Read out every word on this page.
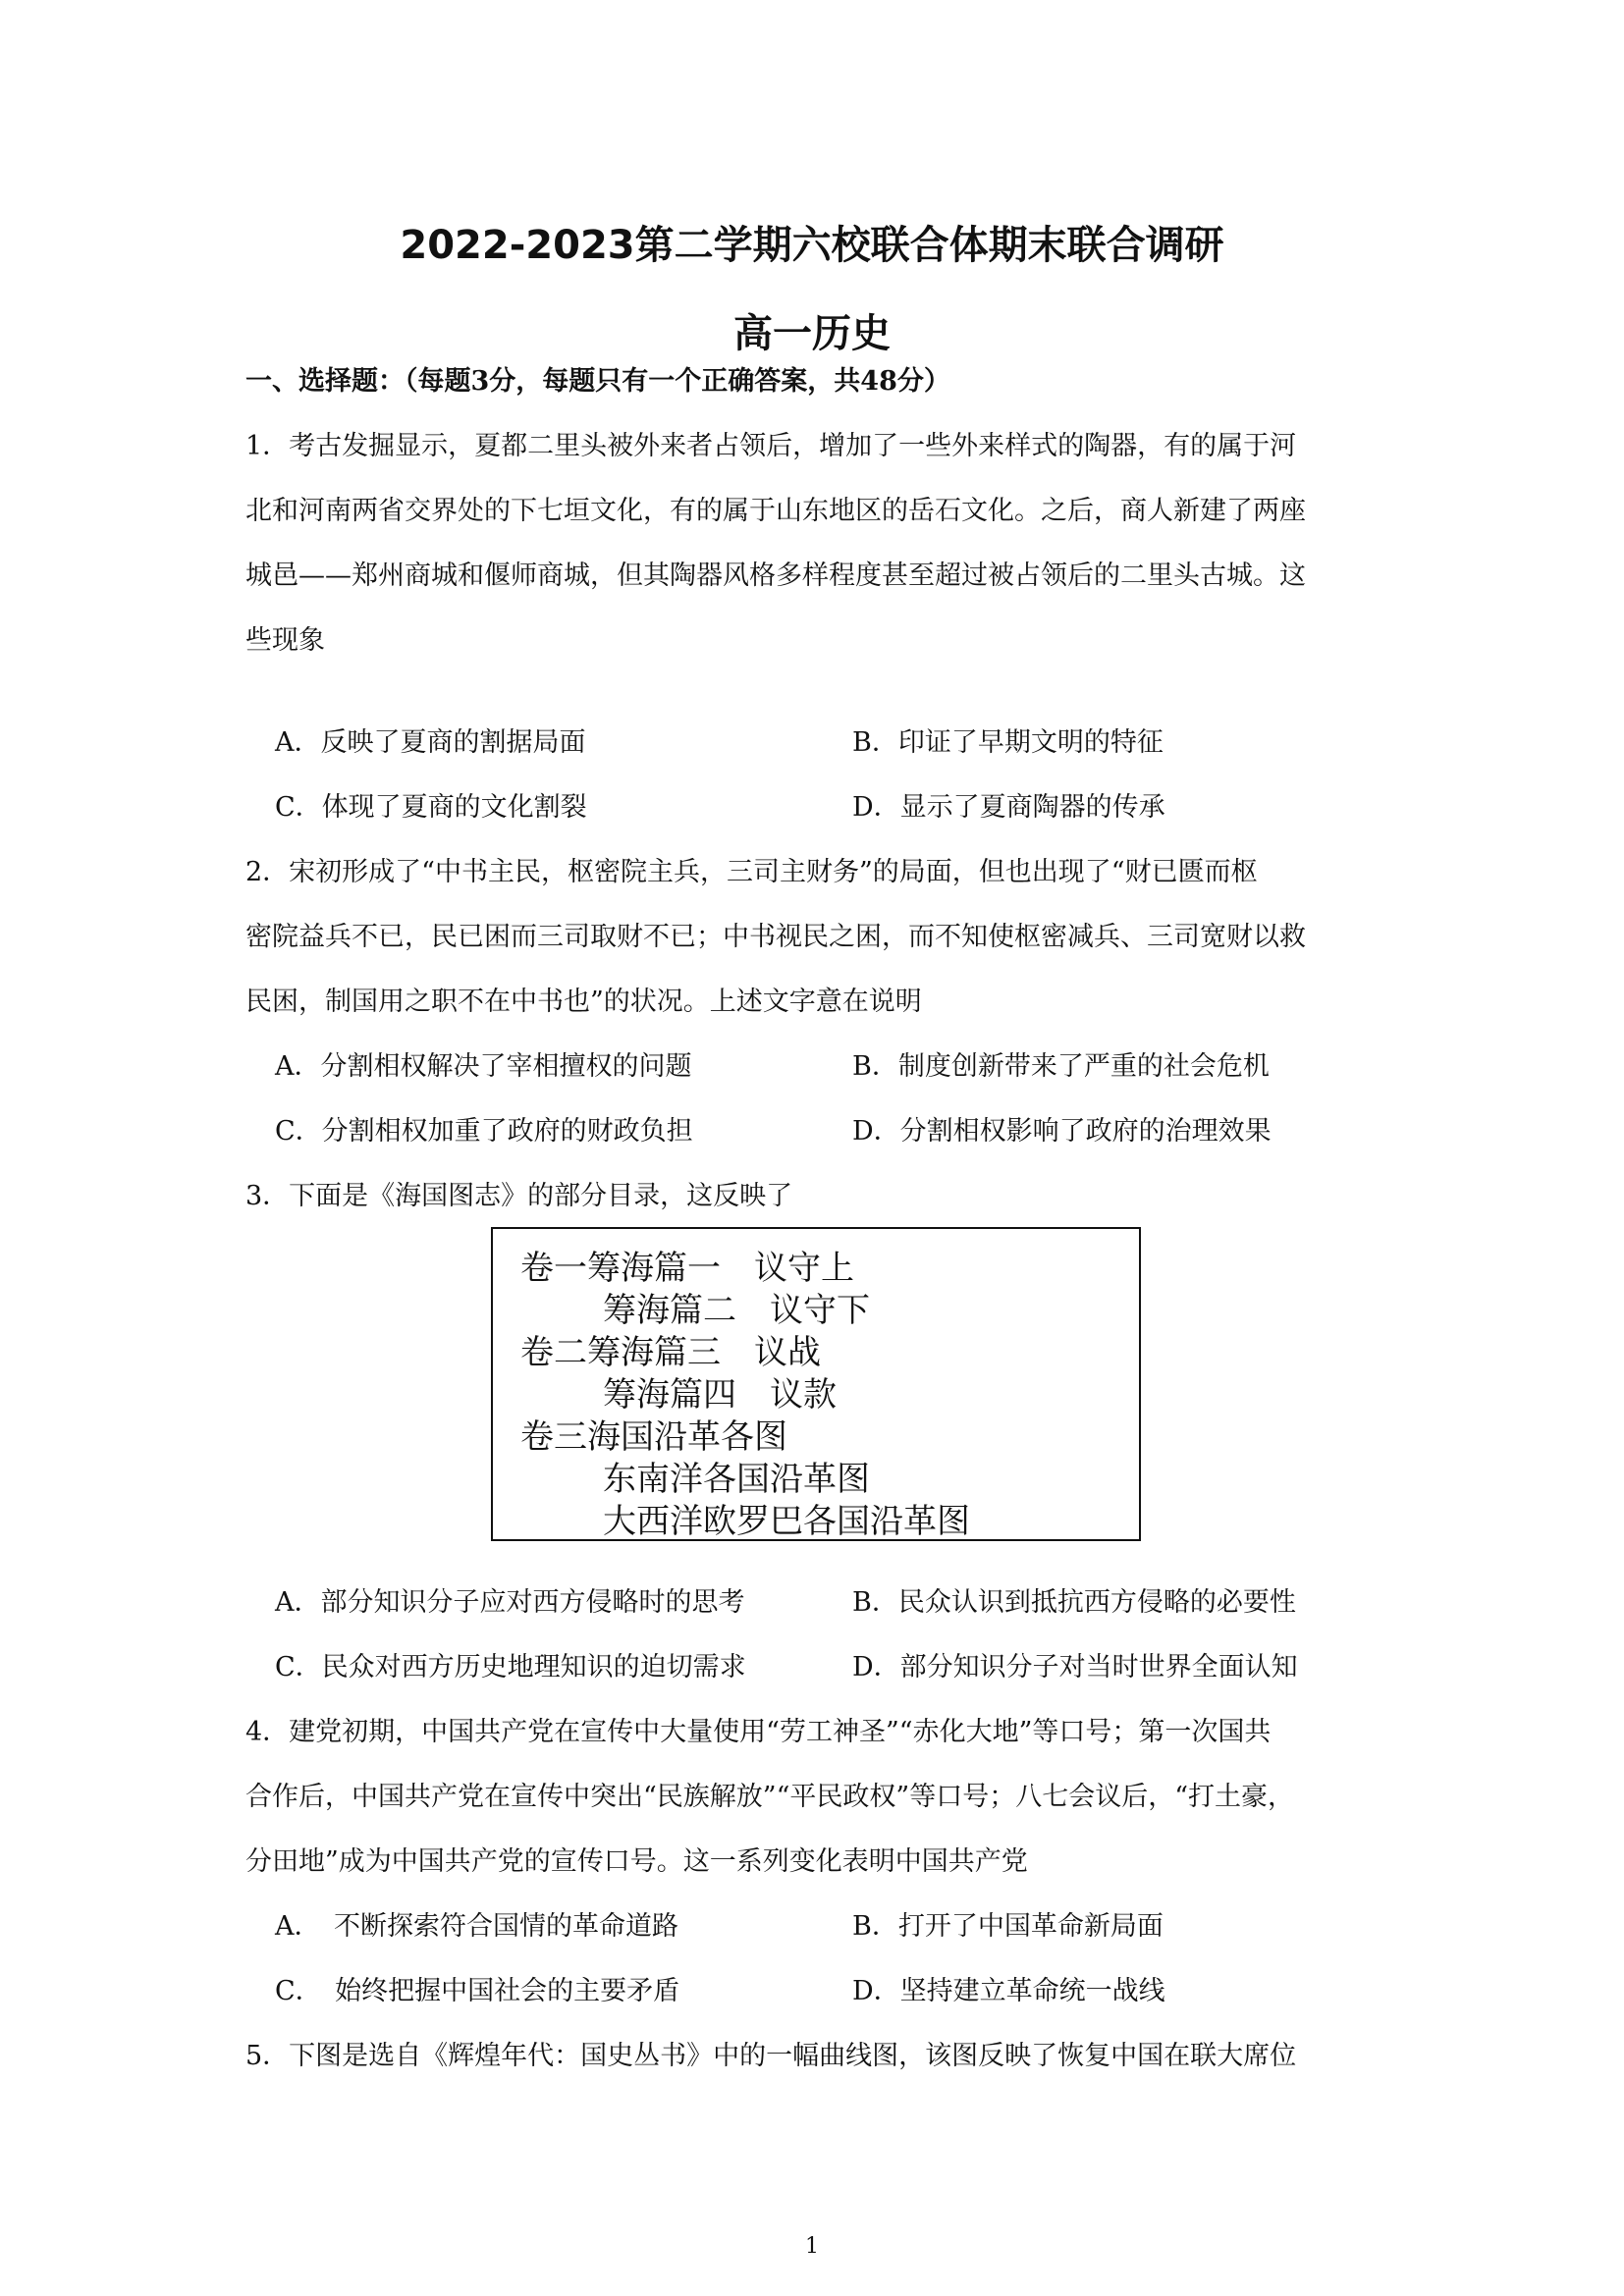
2022-2023第二学期六校联合体期末联合调研
高一历史
一、选择题：（每题3分，每题只有一个正确答案，共48分）
1．考古发掘显示，夏都二里头被外来者占领后，增加了一些外来样式的陶器，有的属于河
北和河南两省交界处的下七垣文化，有的属于山东地区的岳石文化。之后，商人新建了两座
城邑——郑州商城和偃师商城，但其陶器风格多样程度甚至超过被占领后的二里头古城。这
些现象
A．反映了夏商的割据局面	B．印证了早期文明的特征
C．体现了夏商的文化割裂	D．显示了夏商陶器的传承
2．宋初形成了“中书主民，枢密院主兵，三司主财务”的局面，但也出现了“财已匮而枢
密院益兵不已，民已困而三司取财不已；中书视民之困，而不知使枢密减兵、三司宽财以救
民困，制国用之职不在中书也”的状况。上述文字意在说明
A．分割相权解决了宰相擅权的问题	B．制度创新带来了严重的社会危机
C．分割相权加重了政府的财政负担	D．分割相权影响了政府的治理效果
3．下面是《海国图志》的部分目录，这反映了
卷一筹海篇一　议守上
筹海篇二　议守下
卷二筹海篇三　议战
筹海篇四　议款
卷三海国沿革各图
东南洋各国沿革图
大西洋欧罗巴各国沿革图
A．部分知识分子应对西方侵略时的思考	B．民众认识到抵抗西方侵略的必要性
C．民众对西方历史地理知识的迫切需求	D．部分知识分子对当时世界全面认知
4．建党初期，中国共产党在宣传中大量使用“劳工神圣”“赤化大地”等口号；第一次国共
合作后，中国共产党在宣传中突出“民族解放”“平民政权”等口号；八七会议后，“打土豪，
分田地”成为中国共产党的宣传口号。这一系列变化表明中国共产党
A．　不断探索符合国情的革命道路	B．打开了中国革命新局面
C．　始终把握中国社会的主要矛盾	D．坚持建立革命统一战线
5．下图是选自《辉煌年代：国史丛书》中的一幅曲线图，该图反映了恢复中国在联大席位
1
